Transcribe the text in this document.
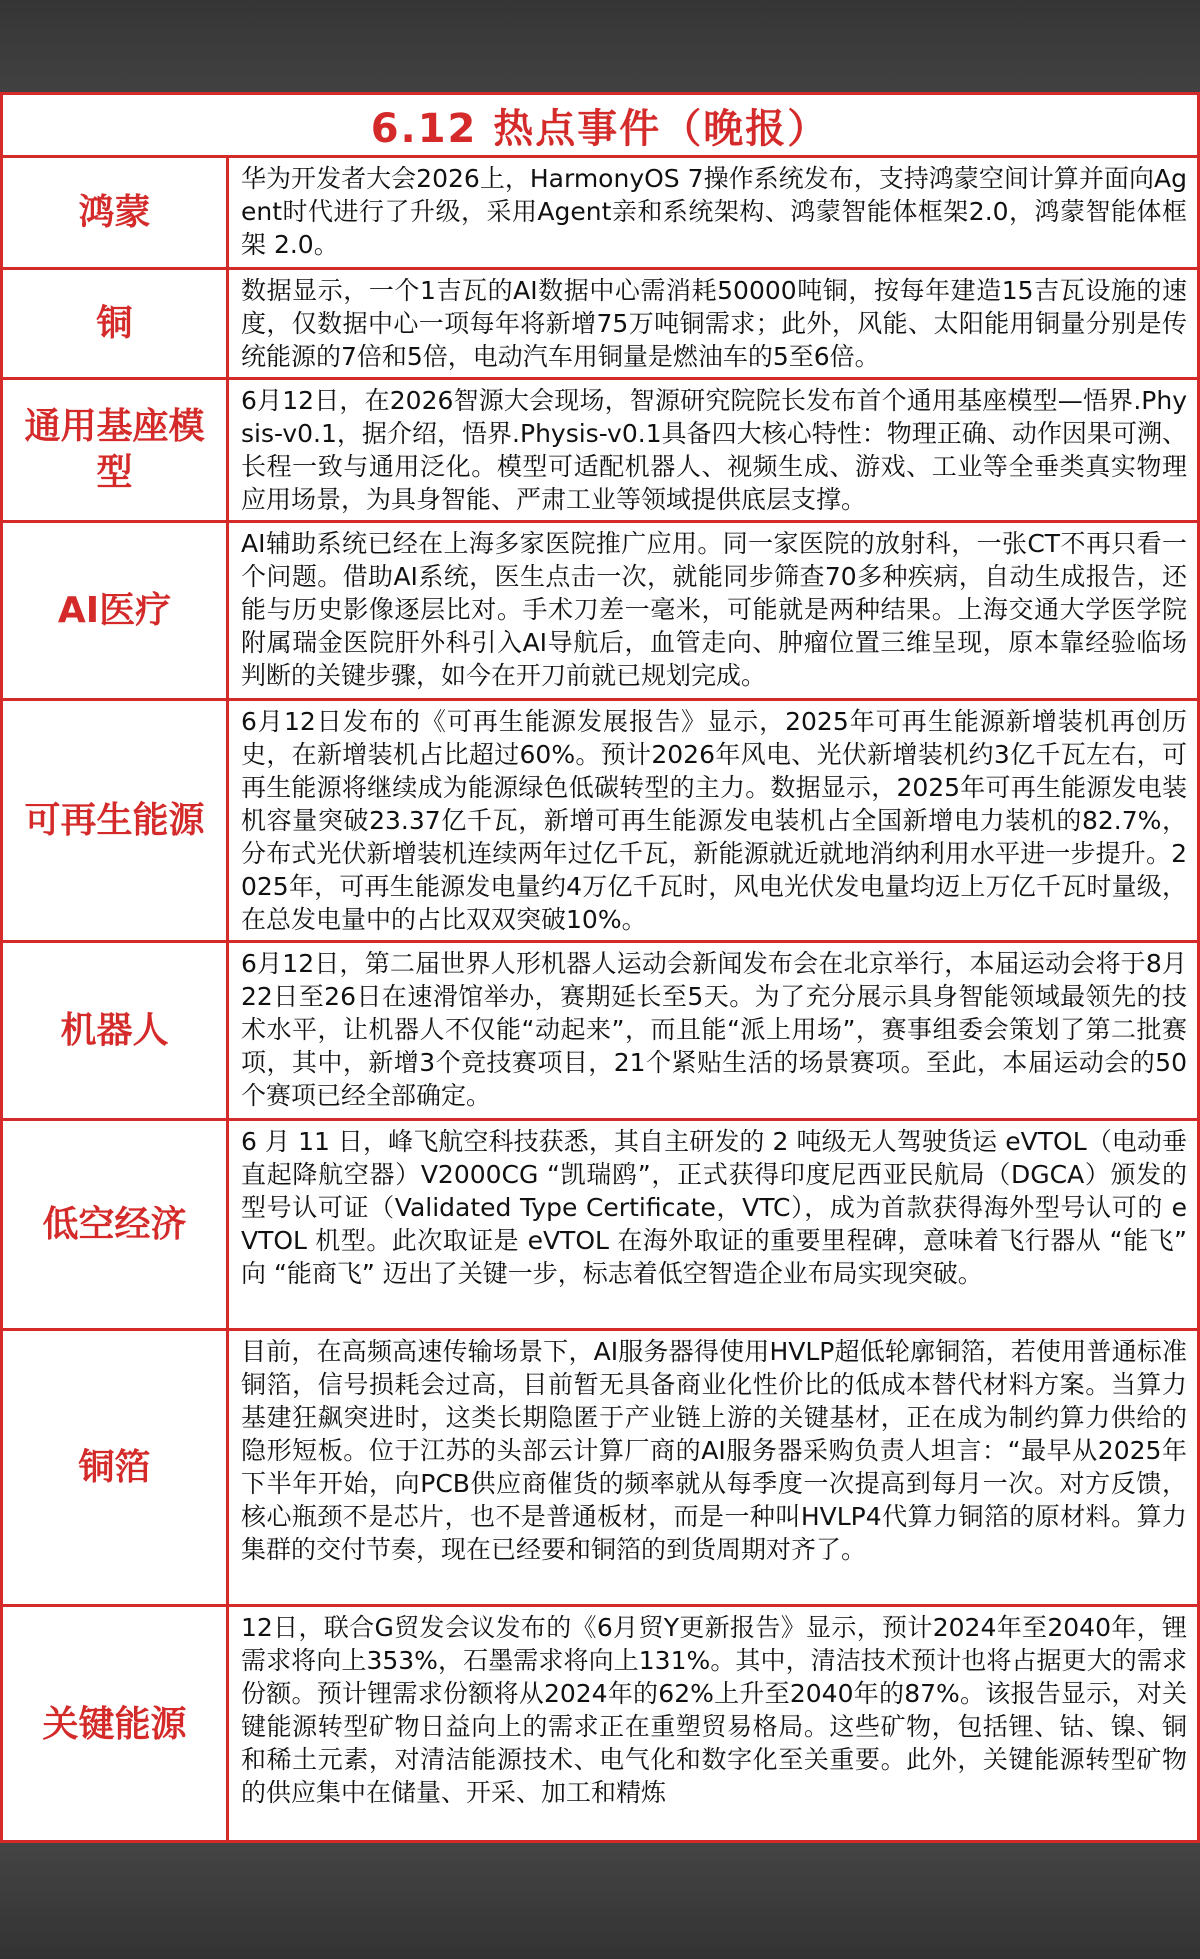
6.12 热点事件（晚报）
鸿蒙
华为开发者大会2026上，HarmonyOS 7操作系统发布，支持鸿蒙空间计算并面向Agent时代进行了升级，采用Agent亲和系统架构、鸿蒙智能体框架2.0，鸿蒙智能体框架 2.0。
铜
数据显示，一个1吉瓦的AI数据中心需消耗50000吨铜，按每年建造15吉瓦设施的速度，仅数据中心一项每年将新增75万吨铜需求；此外，风能、太阳能用铜量分别是传统能源的7倍和5倍，电动汽车用铜量是燃油车的5至6倍。
通用基座模型
6月12日，在2026智源大会现场，智源研究院院长发布首个通用基座模型—悟界.Physis-v0.1，据介绍，悟界.Physis-v0.1具备四大核心特性：物理正确、动作因果可溯、长程一致与通用泛化。模型可适配机器人、视频生成、游戏、工业等全垂类真实物理应用场景，为具身智能、严肃工业等领域提供底层支撑。
AI医疗
AI辅助系统已经在上海多家医院推广应用。同一家医院的放射科，一张CT不再只看一个问题。借助AI系统，医生点击一次，就能同步筛查70多种疾病，自动生成报告，还能与历史影像逐层比对。手术刀差一毫米，可能就是两种结果。上海交通大学医学院附属瑞金医院肝外科引入AI导航后，血管走向、肿瘤位置三维呈现，原本靠经验临场判断的关键步骤，如今在开刀前就已规划完成。
可再生能源
6月12日发布的《可再生能源发展报告》显示，2025年可再生能源新增装机再创历史，在新增装机占比超过60%。预计2026年风电、光伏新增装机约3亿千瓦左右，可再生能源将继续成为能源绿色低碳转型的主力。数据显示，2025年可再生能源发电装机容量突破23.37亿千瓦，新增可再生能源发电装机占全国新增电力装机的82.7%，分布式光伏新增装机连续两年过亿千瓦，新能源就近就地消纳利用水平进一步提升。2025年，可再生能源发电量约4万亿千瓦时，风电光伏发电量均迈上万亿千瓦时量级，在总发电量中的占比双双突破10%。
机器人
6月12日，第二届世界人形机器人运动会新闻发布会在北京举行，本届运动会将于8月22日至26日在速滑馆举办，赛期延长至5天。为了充分展示具身智能领域最领先的技术水平，让机器人不仅能“动起来”，而且能“派上用场”，赛事组委会策划了第二批赛项，其中，新增3个竞技赛项目，21个紧贴生活的场景赛项。至此，本届运动会的50个赛项已经全部确定。
低空经济
6 月 11 日，峰飞航空科技获悉，其自主研发的 2 吨级无人驾驶货运 eVTOL（电动垂直起降航空器）V2000CG “凯瑞鸥”，正式获得印度尼西亚民航局（DGCA）颁发的型号认可证（Validated Type Certificate，VTC），成为首款获得海外型号认可的 eVTOL 机型。此次取证是 eVTOL 在海外取证的重要里程碑，意味着飞行器从 “能飞” 向 “能商飞” 迈出了关键一步，标志着低空智造企业布局实现突破。
铜箔
目前，在高频高速传输场景下，AI服务器得使用HVLP超低轮廓铜箔，若使用普通标准铜箔，信号损耗会过高，目前暂无具备商业化性价比的低成本替代材料方案。当算力基建狂飙突进时，这类长期隐匿于产业链上游的关键基材，正在成为制约算力供给的隐形短板。位于江苏的头部云计算厂商的AI服务器采购负责人坦言：“最早从2025年下半年开始，向PCB供应商催货的频率就从每季度一次提高到每月一次。对方反馈，核心瓶颈不是芯片，也不是普通板材，而是一种叫HVLP4代算力铜箔的原材料。算力集群的交付节奏，现在已经要和铜箔的到货周期对齐了。
关键能源
12日，联合G贸发会议发布的《6月贸Y更新报告》显示，预计2024年至2040年，锂需求将向上353%，石墨需求将向上131%。其中，清洁技术预计也将占据更大的需求份额。预计锂需求份额将从2024年的62%上升至2040年的87%。该报告显示，对关键能源转型矿物日益向上的需求正在重塑贸易格局。这些矿物，包括锂、钴、镍、铜和稀土元素，对清洁能源技术、电气化和数字化至关重要。此外，关键能源转型矿物的供应集中在储量、开采、加工和精炼
